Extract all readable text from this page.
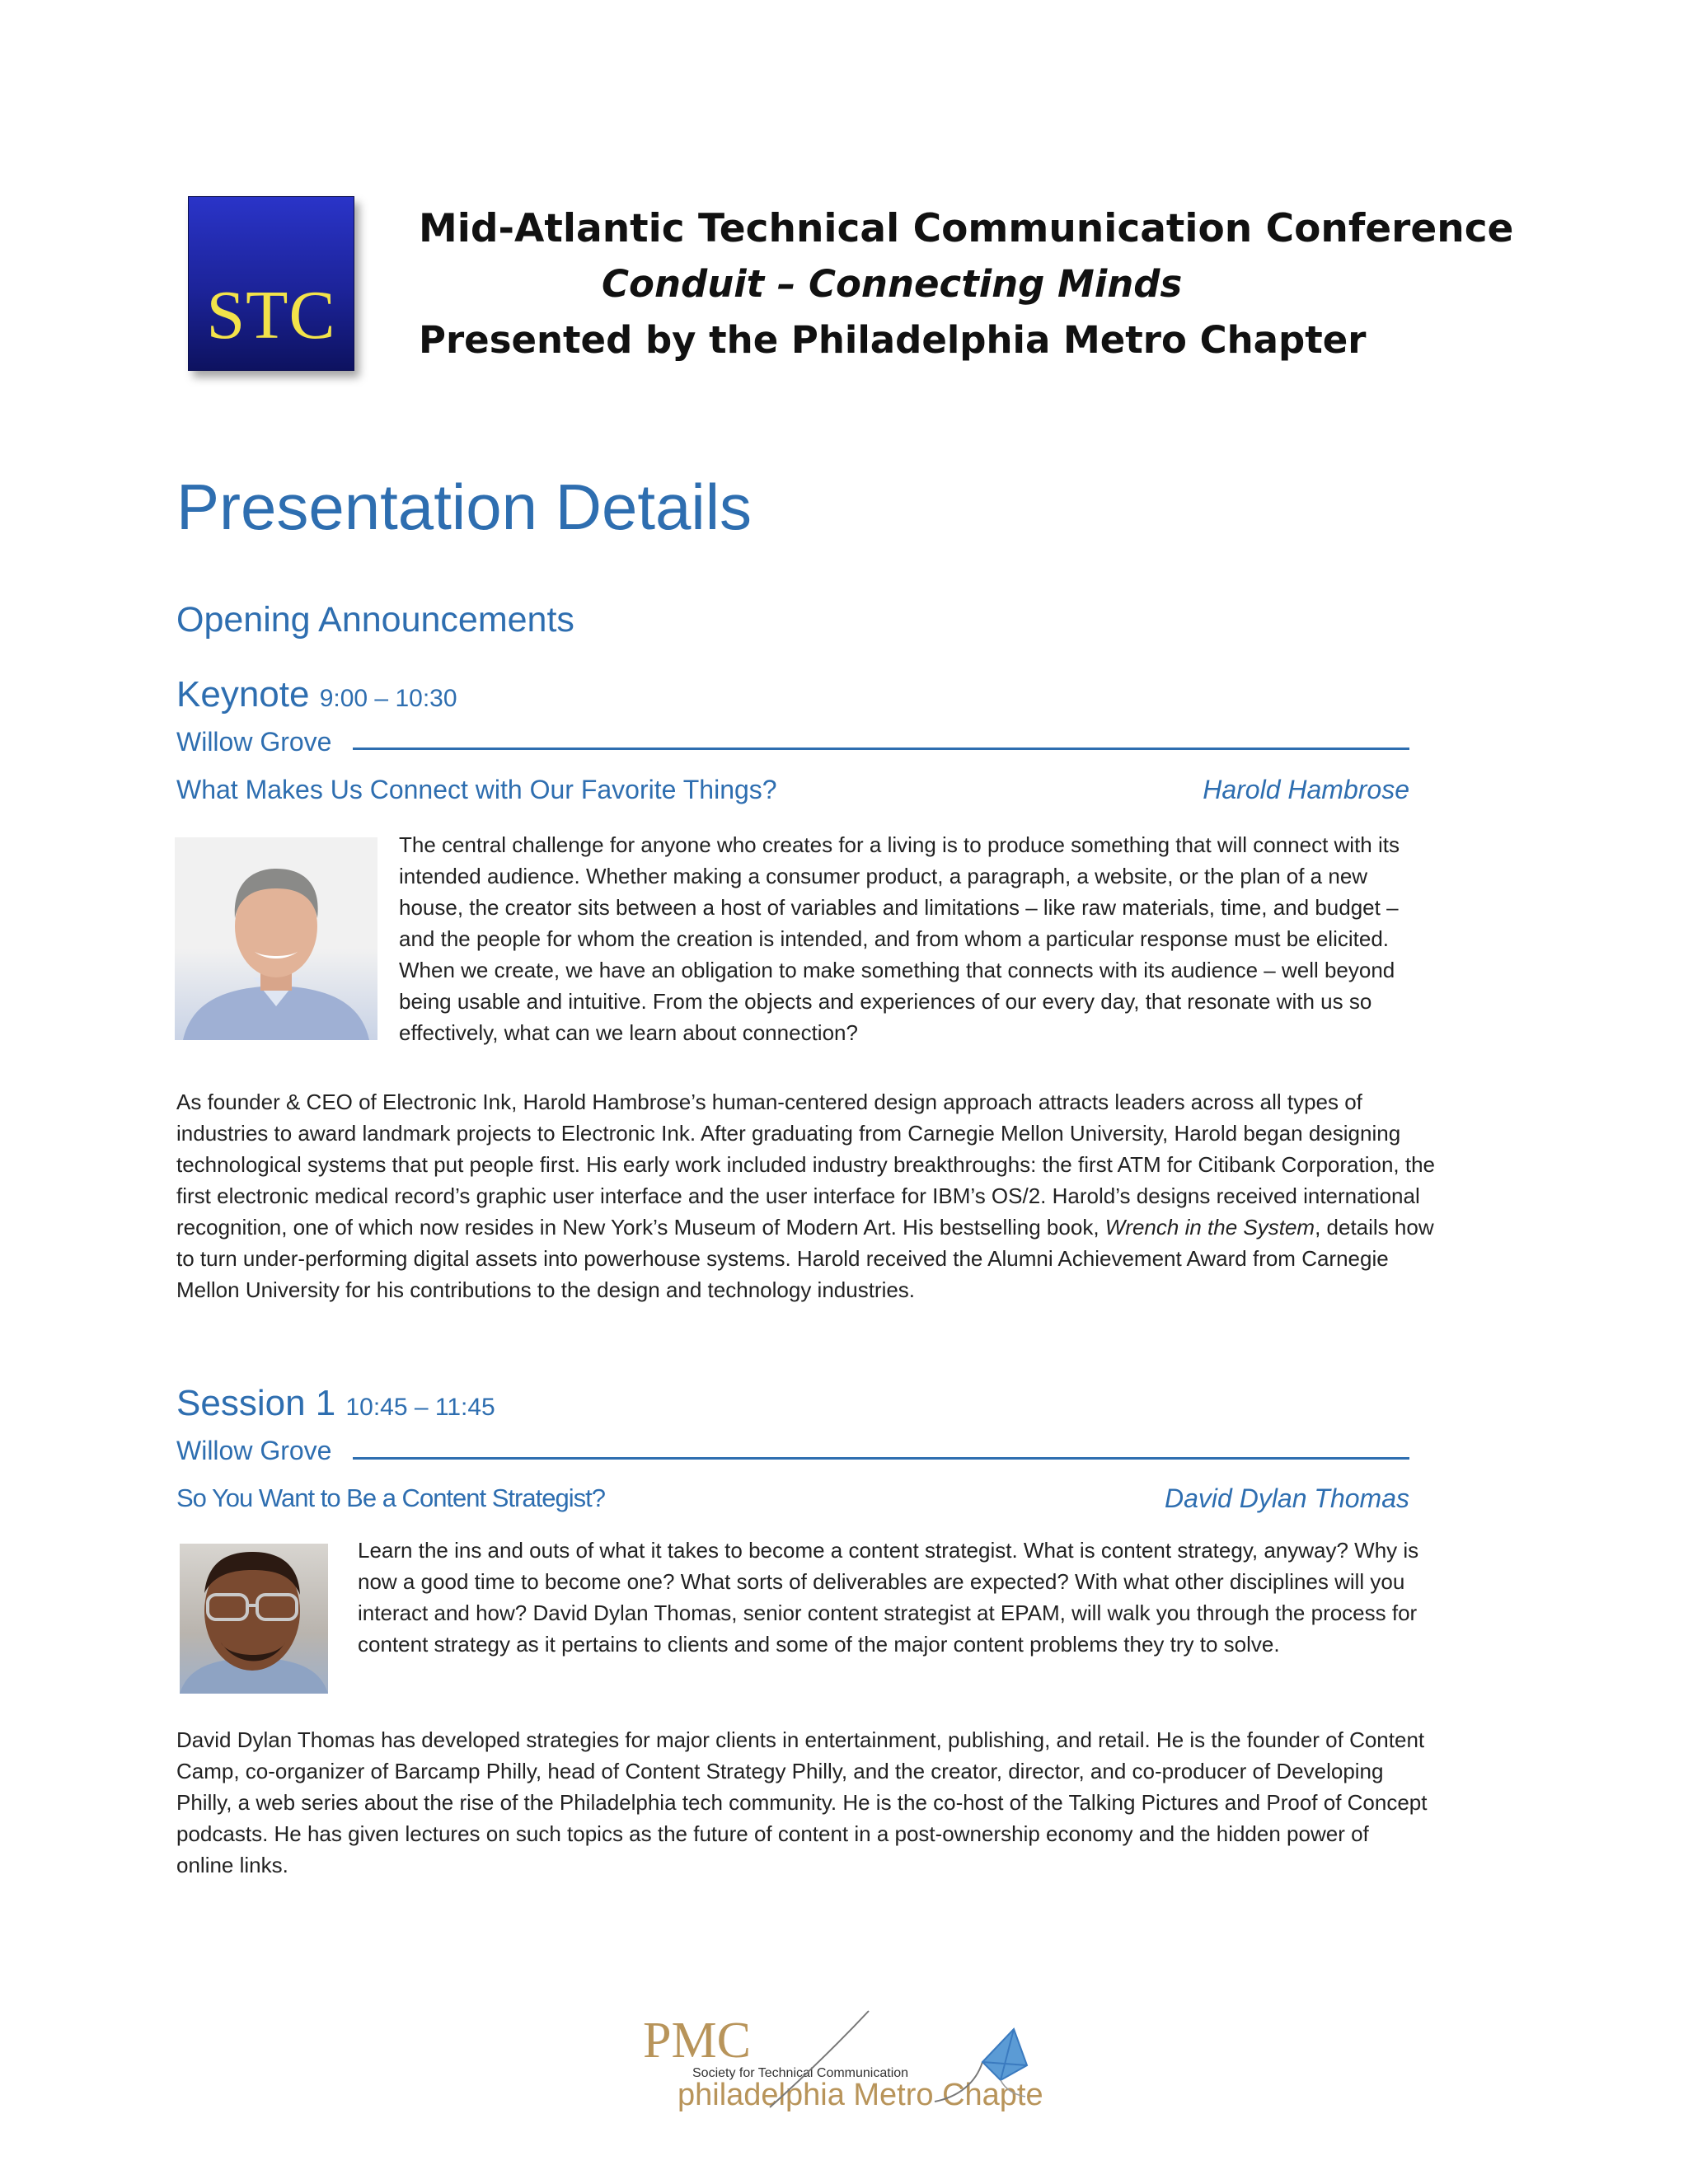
STC
Mid-Atlantic Technical Communication Conference
Conduit – Connecting Minds
Presented by the Philadelphia Metro Chapter
Presentation Details
Opening Announcements
Keynote 9:00 – 10:30
Willow Grove
What Makes Us Connect with Our Favorite Things?	Harold Hambrose

The central challenge for anyone who creates for a living is to produce something that will connect with its intended audience. Whether making a consumer product, a paragraph, a website, or the plan of a new house, the creator sits between a host of variables and limitations – like raw materials, time, and budget – and the people for whom the creation is intended, and from whom a particular response must be elicited. When we create, we have an obligation to make something that connects with its audience – well beyond being usable and intuitive. From the objects and experiences of our every day, that resonate with us so effectively, what can we learn about connection?

As founder & CEO of Electronic Ink, Harold Hambrose’s human-centered design approach attracts leaders across all types of industries to award landmark projects to Electronic Ink. After graduating from Carnegie Mellon University, Harold began designing technological systems that put people first. His early work included industry breakthroughs: the first ATM for Citibank Corporation, the first electronic medical record’s graphic user interface and the user interface for IBM’s OS/2. Harold’s designs received international recognition, one of which now resides in New York’s Museum of Modern Art. His bestselling book, Wrench in the System, details how to turn under-performing digital assets into powerhouse systems. Harold received the Alumni Achievement Award from Carnegie Mellon University for his contributions to the design and technology industries.

Session 1 10:45 – 11:45
Willow Grove
So You Want to Be a Content Strategist?	David Dylan Thomas

Learn the ins and outs of what it takes to become a content strategist. What is content strategy, anyway? Why is now a good time to become one? What sorts of deliverables are expected? With what other disciplines will you interact and how? David Dylan Thomas, senior content strategist at EPAM, will walk you through the process for content strategy as it pertains to clients and some of the major content problems they try to solve.

David Dylan Thomas has developed strategies for major clients in entertainment, publishing, and retail. He is the founder of Content Camp, co-organizer of Barcamp Philly, head of Content Strategy Philly, and the creator, director, and co-producer of Developing Philly, a web series about the rise of the Philadelphia tech community. He is the co-host of the Talking Pictures and Proof of Concept podcasts. He has given lectures on such topics as the future of content in a post-ownership economy and the hidden power of online links.

PMC
Society for Technical Communication
philadelphia Metro Chapter
